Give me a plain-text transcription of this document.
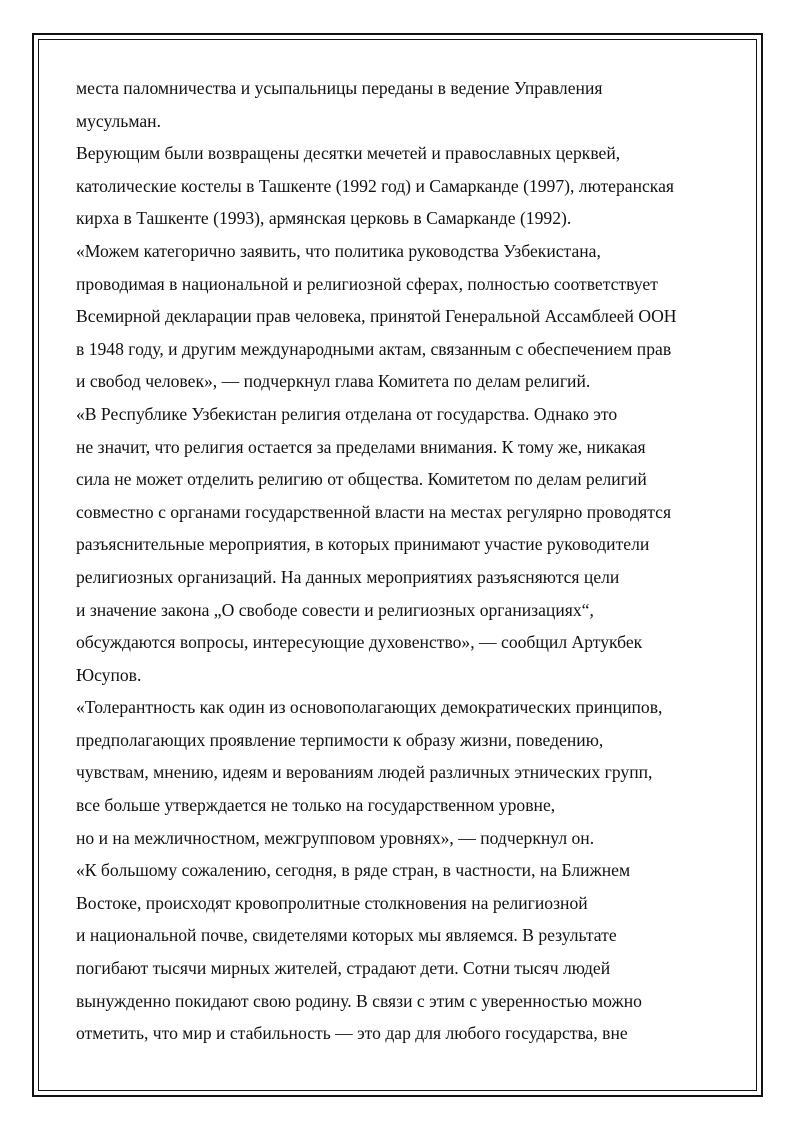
места паломничества и усыпальницы переданы в ведение Управления
мусульман.
Верующим были возвращены десятки мечетей и православных церквей,
католические костелы в Ташкенте (1992 год) и Самарканде (1997), лютеранская
кирха в Ташкенте (1993), армянская церковь в Самарканде (1992).
«Можем категорично заявить, что политика руководства Узбекистана,
проводимая в национальной и религиозной сферах, полностью соответствует
Всемирной декларации прав человека, принятой Генеральной Ассамблеей ООН
в 1948 году, и другим международными актам, связанным с обеспечением прав
и свобод человек», — подчеркнул глава Комитета по делам религий.
«В Республике Узбекистан религия отделана от государства. Однако это
не значит, что религия остается за пределами внимания. К тому же, никакая
сила не может отделить религию от общества. Комитетом по делам религий
совместно с органами государственной власти на местах регулярно проводятся
разъяснительные мероприятия, в которых принимают участие руководители
религиозных организаций. На данных мероприятиях разъясняются цели
и значение закона „О свободе совести и религиозных организациях“,
обсуждаются вопросы, интересующие духовенство», — сообщил Артукбек
Юсупов.
«Толерантность как один из основополагающих демократических принципов,
предполагающих проявление терпимости к образу жизни, поведению,
чувствам, мнению, идеям и верованиям людей различных этнических групп,
все больше утверждается не только на государственном уровне,
но и на межличностном, межгрупповом уровнях», — подчеркнул он.
«К большому сожалению, сегодня, в ряде стран, в частности, на Ближнем
Востоке, происходят кровопролитные столкновения на религиозной
и национальной почве, свидетелями которых мы являемся. В результате
погибают тысячи мирных жителей, страдают дети. Сотни тысяч людей
вынужденно покидают свою родину. В связи с этим с уверенностью можно
отметить, что мир и стабильность — это дар для любого государства, вне
